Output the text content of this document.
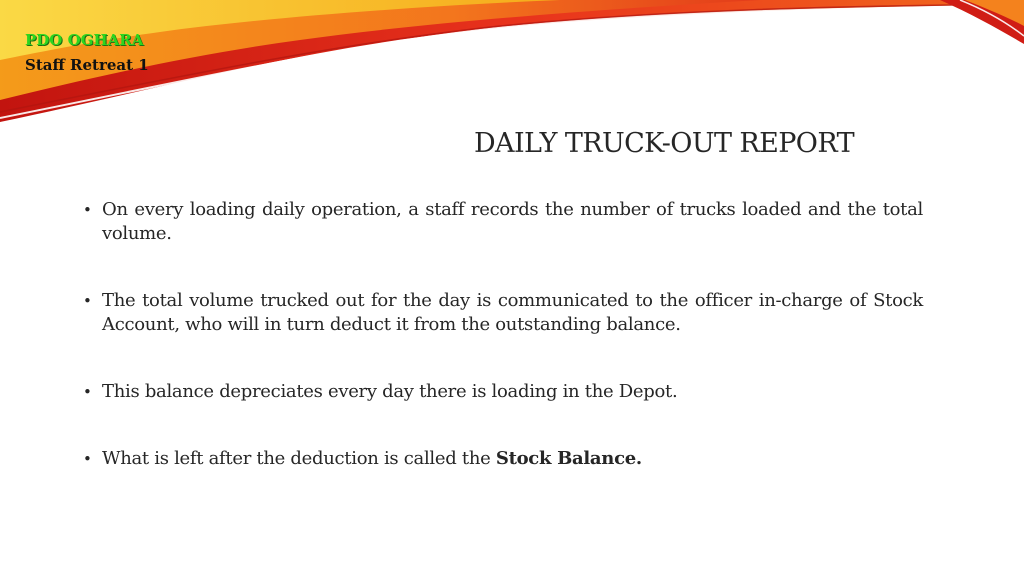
PDO OGHARA
Staff Retreat 1
DAILY TRUCK-OUT REPORT
• On every loading daily operation, a staff records the number of trucks loaded and the total volume.
• The total volume trucked out for the day is communicated to the officer in-charge of Stock Account, who will in turn deduct it from the outstanding balance.
• This balance depreciates every day there is loading in the Depot.
• What is left after the deduction is called the Stock Balance.
